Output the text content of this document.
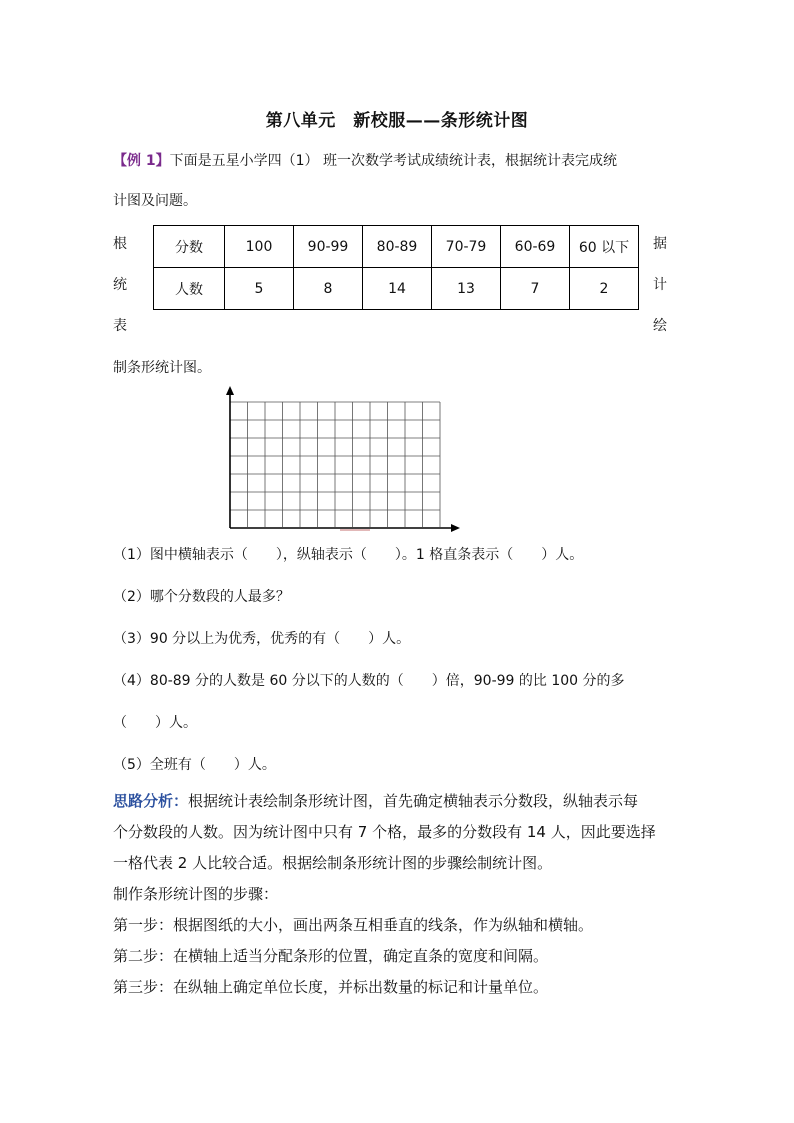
第八单元　新校服——条形统计图
【例 1】下面是五星小学四（1） 班一次数学考试成绩统计表，根据统计表完成统
计图及问题。
根
统
表
据
计
绘
分数	100	90-99	80-89	70-79	60-69	60 以下
人数	5	8	14	13	7	2
制条形统计图。
（1）图中横轴表示（　　），纵轴表示（　　）。1 格直条表示（　　）人。
（2）哪个分数段的人最多？
（3）90 分以上为优秀，优秀的有（　　）人。
（4）80-89 分的人数是 60 分以下的人数的（　　）倍，90-99 的比 100 分的多
（　　）人。
（5）全班有（　　）人。
思路分析：根据统计表绘制条形统计图，首先确定横轴表示分数段，纵轴表示每
个分数段的人数。因为统计图中只有 7 个格，最多的分数段有 14 人，因此要选择
一格代表 2 人比较合适。根据绘制条形统计图的步骤绘制统计图。
制作条形统计图的步骤：
第一步：根据图纸的大小，画出两条互相垂直的线条，作为纵轴和横轴。
第二步：在横轴上适当分配条形的位置，确定直条的宽度和间隔。
第三步：在纵轴上确定单位长度，并标出数量的标记和计量单位。
